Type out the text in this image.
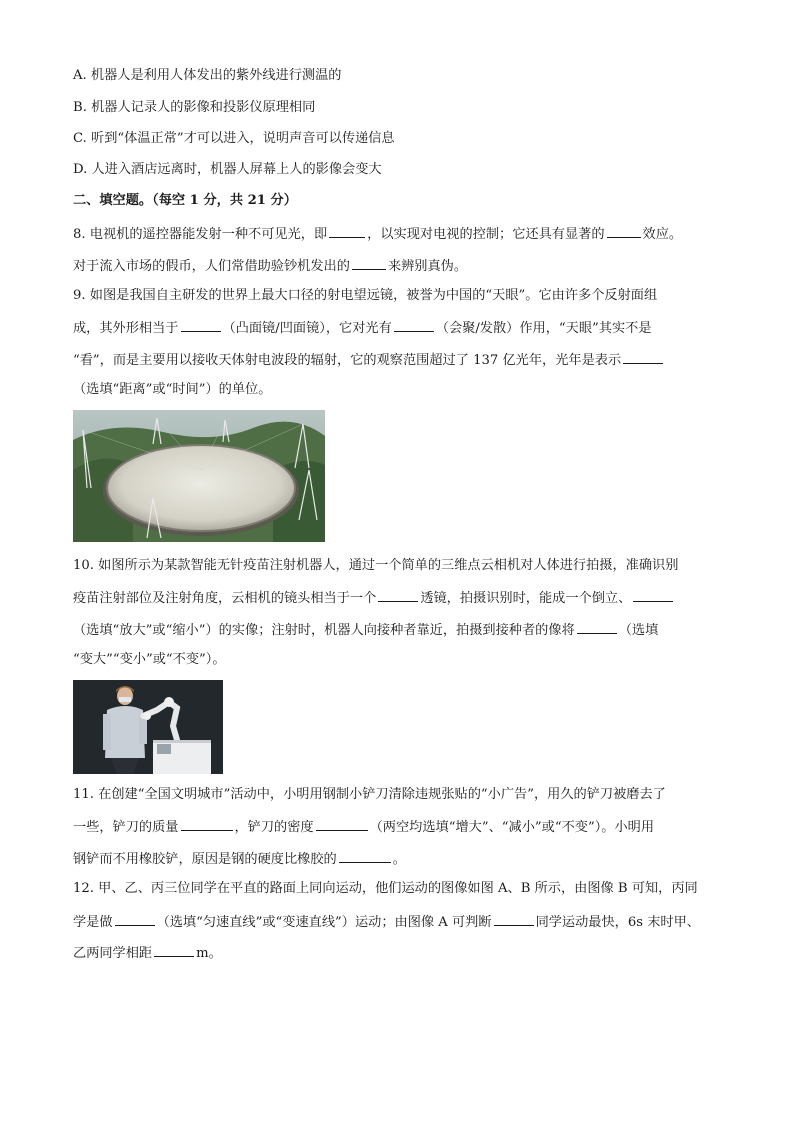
A. 机器人是利用人体发出的紫外线进行测温的
B. 机器人记录人的影像和投影仪原理相同
C. 听到“体温正常”才可以进入，说明声音可以传递信息
D. 人进入酒店远离时，机器人屏幕上人的影像会变大
二、填空题。（每空 1 分，共 21 分）
8. 电视机的遥控器能发射一种不可见光，即	，以实现对电视的控制；它还具有显著的	效应。
对于流入市场的假币，人们常借助验钞机发出的	来辨别真伪。
9. 如图是我国自主研发的世界上最大口径的射电望远镜，被誉为中国的“天眼”。它由许多个反射面组
成，其外形相当于	（凸面镜/凹面镜），它对光有	（会聚/发散）作用，“天眼”其实不是
“看”，而是主要用以接收天体射电波段的辐射，它的观察范围超过了 137 亿光年，光年是表示
（选填“距离”或“时间”）的单位。
10. 如图所示为某款智能无针疫苗注射机器人，通过一个简单的三维点云相机对人体进行拍摄，准确识别
疫苗注射部位及注射角度，云相机的镜头相当于一个	透镜，拍摄识别时，能成一个倒立、
（选填“放大”或“缩小”）的实像；注射时，机器人向接种者靠近，拍摄到接种者的像将	（选填
“变大”“变小”或“不变”）。
11. 在创建“全国文明城市”活动中，小明用钢制小铲刀清除违规张贴的“小广告”，用久的铲刀被磨去了
一些，铲刀的质量	，铲刀的密度	（两空均选填“增大”、“减小”或“不变”）。小明用
钢铲而不用橡胶铲，原因是钢的硬度比橡胶的	。
12. 甲、乙、丙三位同学在平直的路面上同向运动，他们运动的图像如图 A、B 所示，由图像 B 可知，丙同
学是做	（选填“匀速直线”或“变速直线”）运动；由图像 A 可判断	同学运动最快，6s 末时甲、
乙两同学相距	m。
